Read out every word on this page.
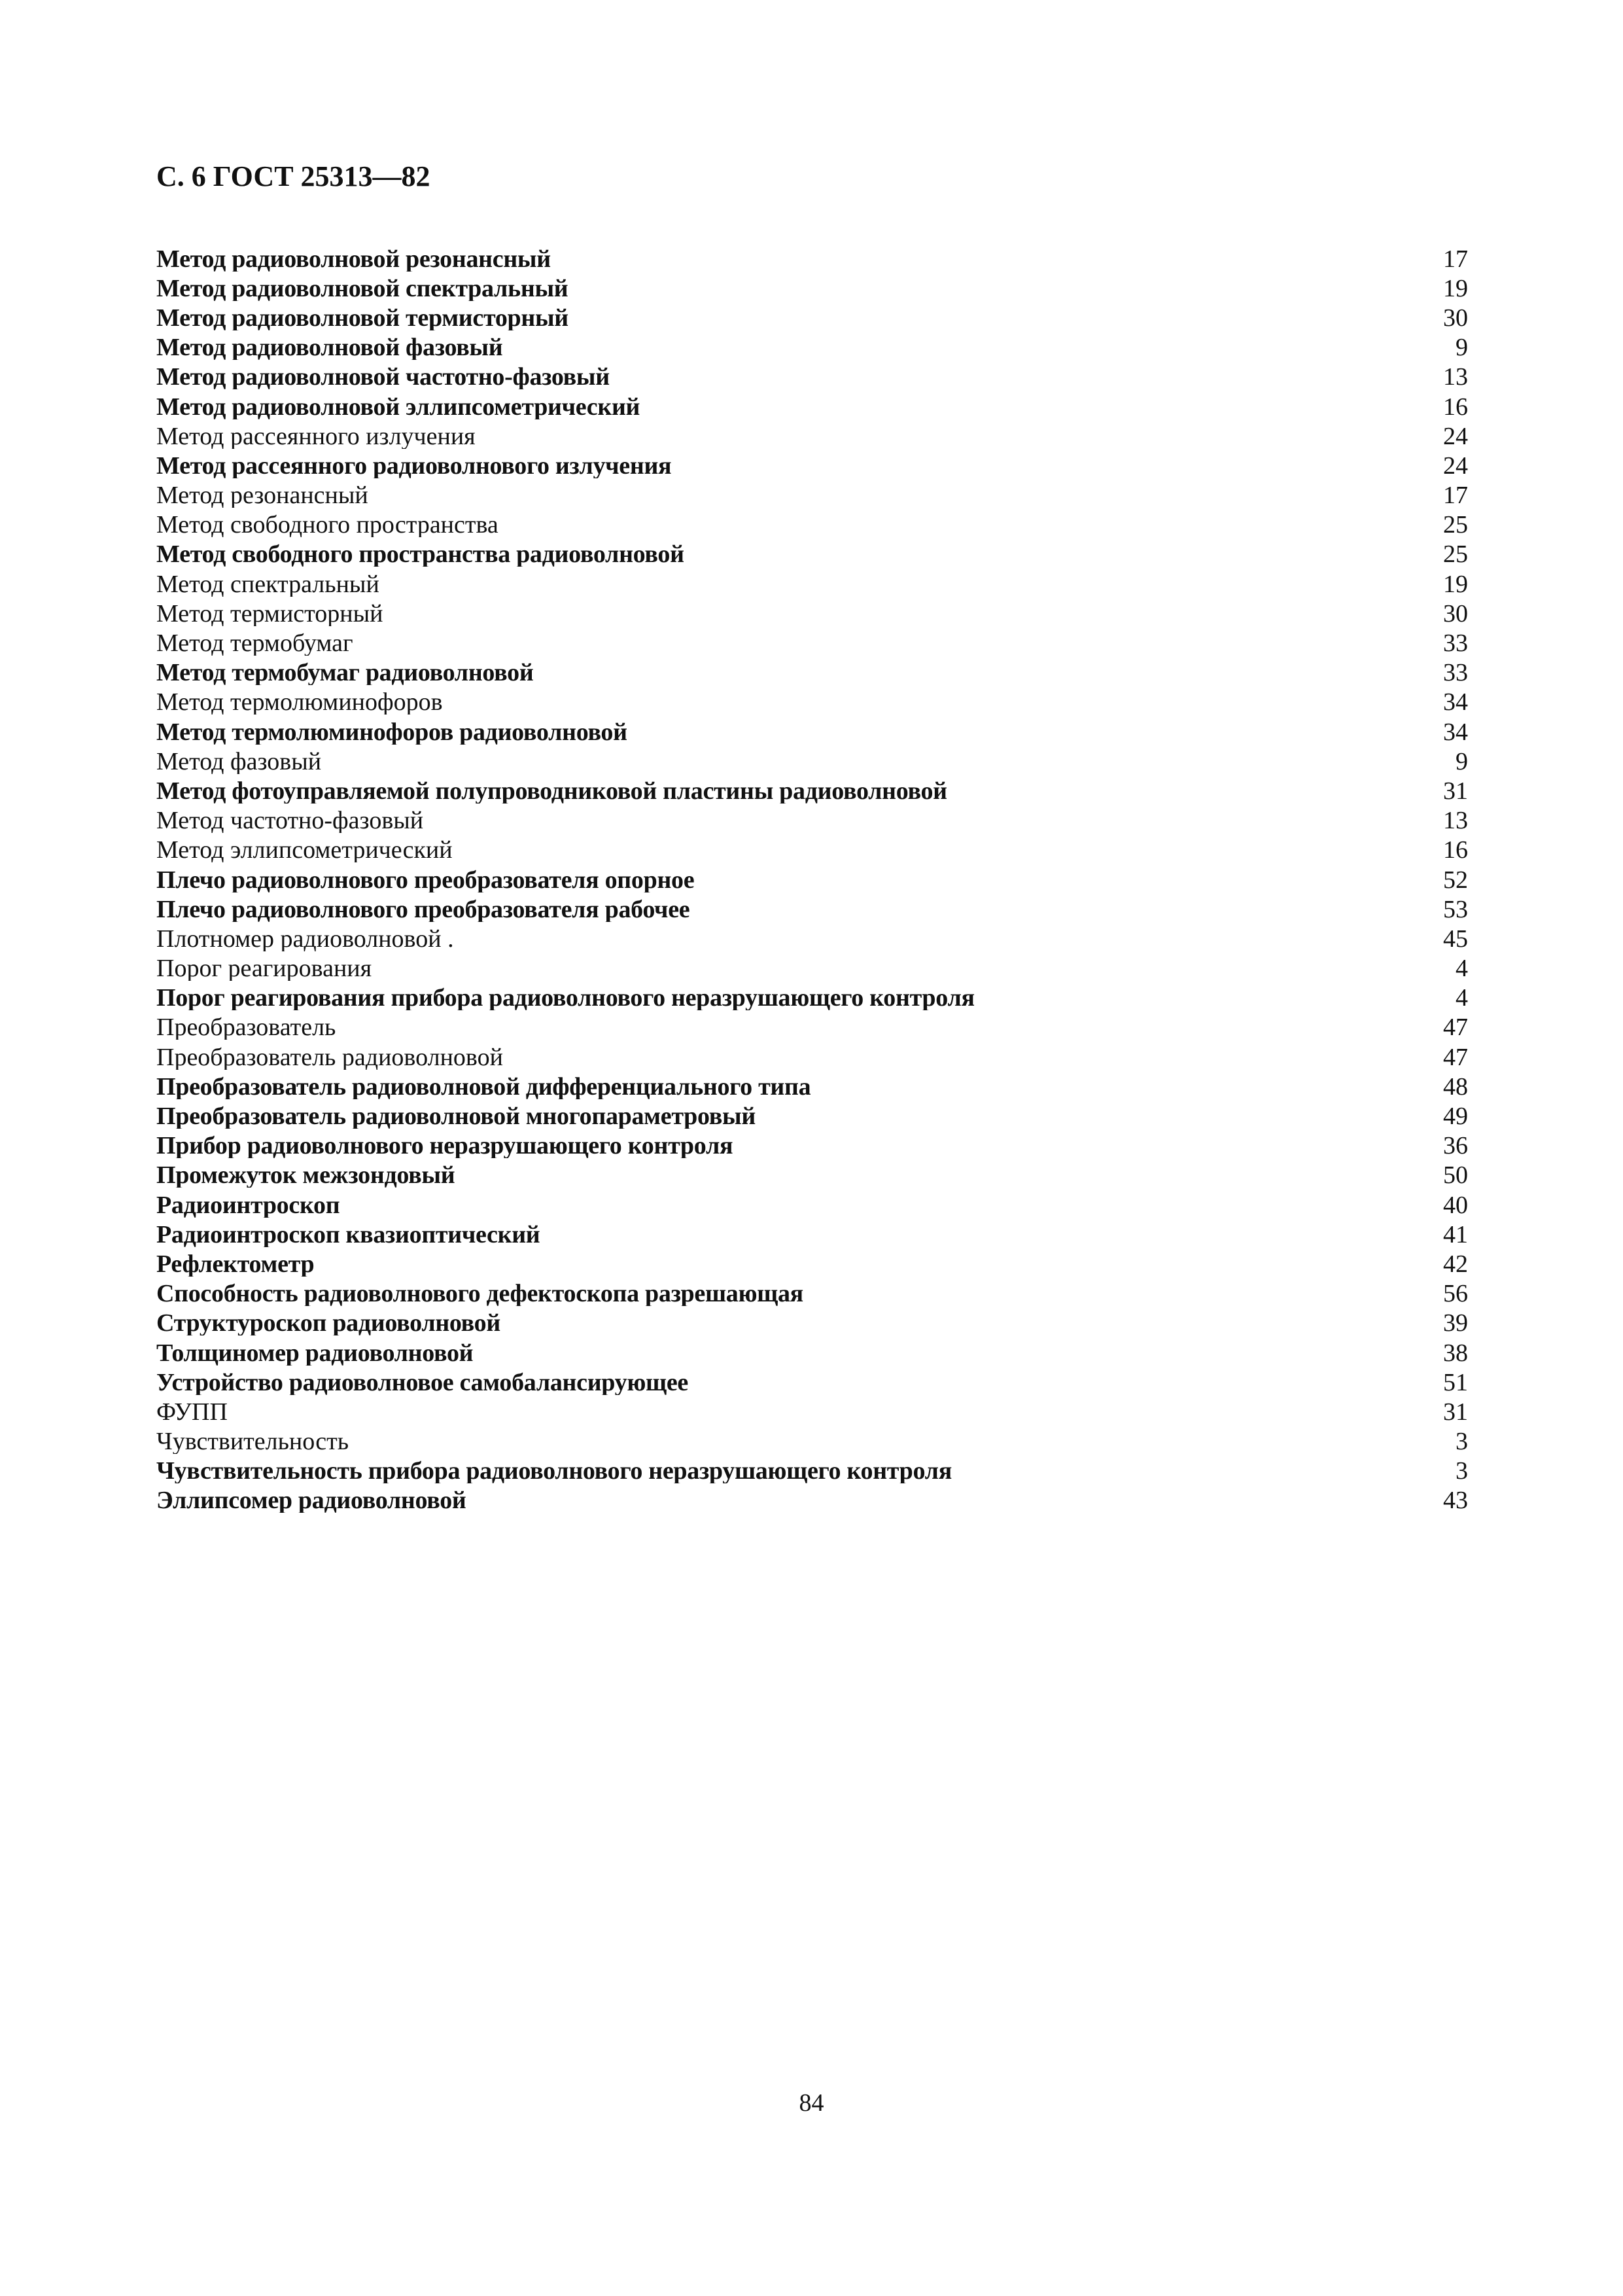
С. 6 ГОСТ 25313—82
Метод радиоволновой резонансный	17
Метод радиоволновой спектральный	19
Метод радиоволновой термисторный	30
Метод радиоволновой фазовый	9
Метод радиоволновой частотно-фазовый	13
Метод радиоволновой эллипсометрический	16
Метод рассеянного излучения	24
Метод рассеянного радиоволнового излучения	24
Метод резонансный	17
Метод свободного пространства	25
Метод свободного пространства радиоволновой	25
Метод спектральный	19
Метод термисторный	30
Метод термобумаг	33
Метод термобумаг радиоволновой	33
Метод термолюминофоров	34
Метод термолюминофоров радиоволновой	34
Метод фазовый	9
Метод фотоуправляемой полупроводниковой пластины радиоволновой	31
Метод частотно-фазовый	13
Метод эллипсометрический	16
Плечо радиоволнового преобразователя опорное	52
Плечо радиоволнового преобразователя рабочее	53
Плотномер радиоволновой .	45
Порог реагирования	4
Порог реагирования прибора радиоволнового неразрушающего контроля	4
Преобразователь	47
Преобразователь радиоволновой	47
Преобразователь радиоволновой дифференциального типа	48
Преобразователь радиоволновой многопараметровый	49
Прибор радиоволнового неразрушающего контроля	36
Промежуток межзондовый	50
Радиоинтроскоп	40
Радиоинтроскоп квазиоптический	41
Рефлектометр	42
Способность радиоволнового дефектоскопа разрешающая	56
Структуроскоп радиоволновой	39
Толщиномер радиоволновой	38
Устройство радиоволновое самобалансирующее	51
ФУПП	31
Чувствительность	3
Чувствительность прибора радиоволнового неразрушающего контроля	3
Эллипсомер радиоволновой	43
84
